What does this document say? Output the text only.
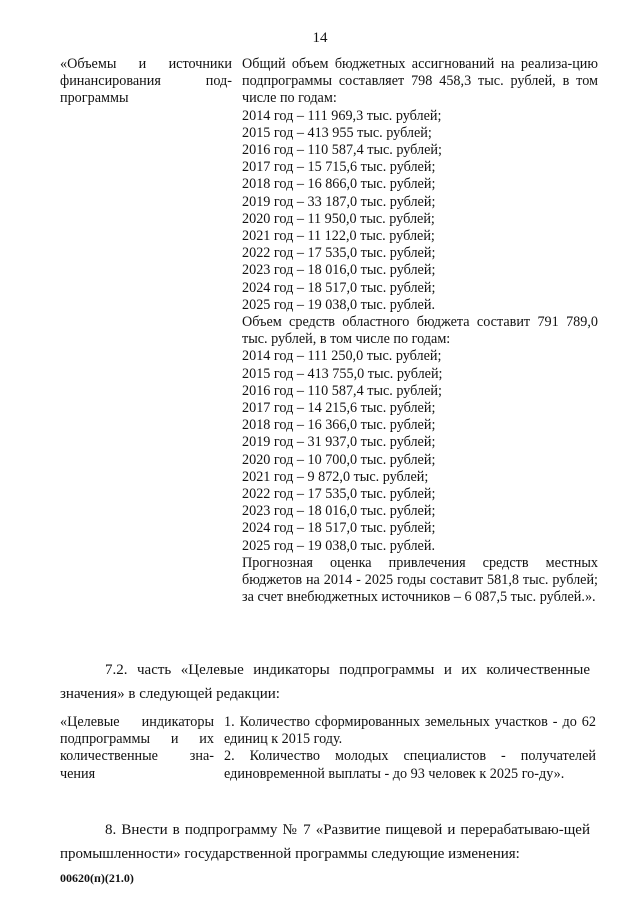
14
«Объемы и источники финансирования под-программы
Общий объем бюджетных ассигнований на реализа-цию подпрограммы составляет 798 458,3 тыс. рублей, в том числе по годам:
2014 год – 111 969,3 тыс. рублей;
2015 год – 413 955 тыс. рублей;
2016 год – 110 587,4 тыс. рублей;
2017 год – 15 715,6 тыс. рублей;
2018 год – 16 866,0 тыс. рублей;
2019 год – 33 187,0 тыс. рублей;
2020 год – 11 950,0 тыс. рублей;
2021 год – 11 122,0 тыс. рублей;
2022 год – 17 535,0 тыс. рублей;
2023 год – 18 016,0 тыс. рублей;
2024 год – 18 517,0 тыс. рублей;
2025 год – 19 038,0 тыс. рублей.
Объем средств областного бюджета составит 791 789,0 тыс. рублей, в том числе по годам:
2014 год – 111 250,0 тыс. рублей;
2015 год – 413 755,0 тыс. рублей;
2016 год – 110 587,4 тыс. рублей;
2017 год – 14 215,6 тыс. рублей;
2018 год – 16 366,0 тыс. рублей;
2019 год – 31 937,0 тыс. рублей;
2020 год – 10 700,0 тыс. рублей;
2021 год – 9 872,0 тыс. рублей;
2022 год – 17 535,0 тыс. рублей;
2023 год – 18 016,0 тыс. рублей;
2024 год – 18 517,0 тыс. рублей;
2025 год – 19 038,0 тыс. рублей.
Прогнозная оценка привлечения средств местных бюджетов на 2014 - 2025 годы составит 581,8 тыс. рублей; за счет внебюджетных источников – 6 087,5 тыс. рублей.».
7.2. часть «Целевые индикаторы подпрограммы и их количественные значения» в следующей редакции:
«Целевые индикаторы подпрограммы и их количественные зна-чения
1. Количество сформированных земельных участков - до 62 единиц к 2015 году.
2. Количество молодых специалистов - получателей единовременной выплаты - до 93 человек к 2025 го-ду».
8. Внести в подпрограмму № 7 «Развитие пищевой и перерабатываю-щей промышленности» государственной программы следующие изменения:
00620(п)(21.0)
